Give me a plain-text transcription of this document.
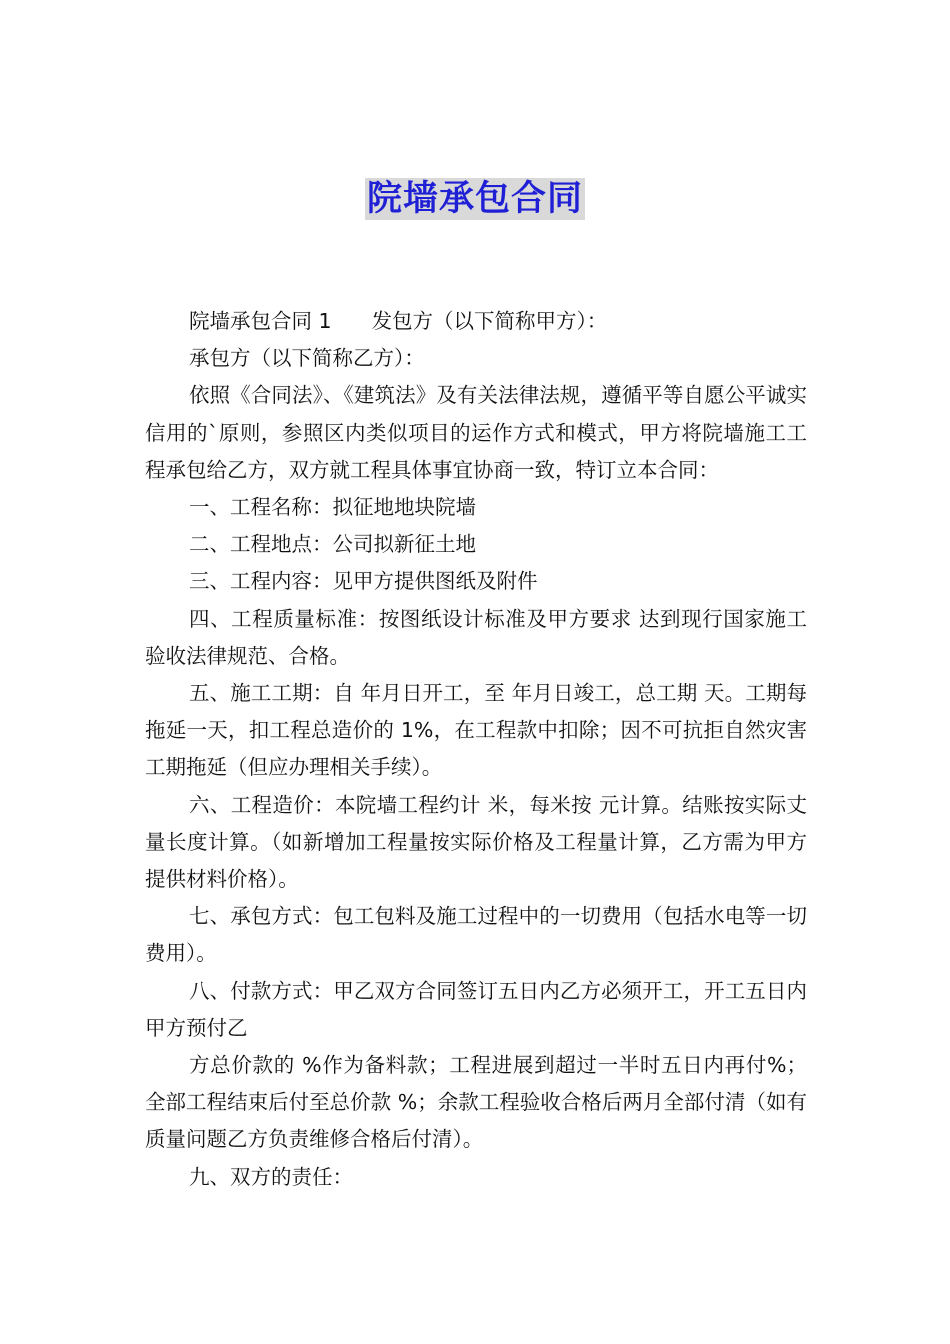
院墙承包合同

院墙承包合同 1 发包方（以下简称甲方）：

承包方（以下简称乙方）：

依照《合同法》、《建筑法》及有关法律法规，遵循平等自愿公平诚实信用的`原则，参照区内类似项目的运作方式和模式，甲方将院墙施工工程承包给乙方，双方就工程具体事宜协商一致，特订立本合同：

一、工程名称：拟征地地块院墙

二、工程地点：公司拟新征土地

三、工程内容：见甲方提供图纸及附件

四、工程质量标准：按图纸设计标准及甲方要求 达到现行国家施工验收法律规范、合格。

五、施工工期：自 年月日开工，至 年月日竣工，总工期 天。工期每拖延一天，扣工程总造价的 1%，在工程款中扣除；因不可抗拒自然灾害工期拖延（但应办理相关手续）。

六、工程造价：本院墙工程约计 米，每米按 元计算。结账按实际丈量长度计算。（如新增加工程量按实际价格及工程量计算，乙方需为甲方提供材料价格）。

七、承包方式：包工包料及施工过程中的一切费用（包括水电等一切费用）。

八、付款方式：甲乙双方合同签订五日内乙方必须开工，开工五日内甲方预付乙

方总价款的 %作为备料款；工程进展到超过一半时五日内再付%；全部工程结束后付至总价款 %；余款工程验收合格后两月全部付清（如有质量问题乙方负责维修合格后付清）。

九、双方的责任：
